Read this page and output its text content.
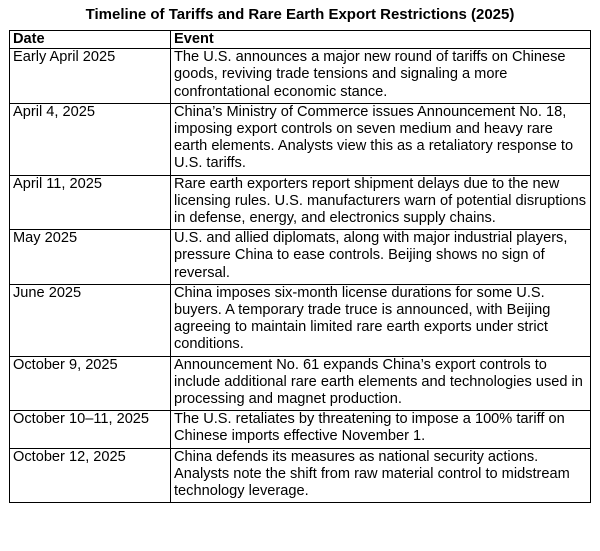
Timeline of Tariffs and Rare Earth Export Restrictions (2025)
Date	Event
Early April 2025	The U.S. announces a major new round of tariffs on Chinese goods, reviving trade tensions and signaling a more confrontational economic stance.
April 4, 2025	China’s Ministry of Commerce issues Announcement No. 18, imposing export controls on seven medium and heavy rare earth elements. Analysts view this as a retaliatory response to U.S. tariffs.
April 11, 2025	Rare earth exporters report shipment delays due to the new licensing rules. U.S. manufacturers warn of potential disruptions in defense, energy, and electronics supply chains.
May 2025	U.S. and allied diplomats, along with major industrial players, pressure China to ease controls. Beijing shows no sign of reversal.
June 2025	China imposes six-month license durations for some U.S. buyers. A temporary trade truce is announced, with Beijing agreeing to maintain limited rare earth exports under strict conditions.
October 9, 2025	Announcement No. 61 expands China’s export controls to include additional rare earth elements and technologies used in processing and magnet production.
October 10–11, 2025	The U.S. retaliates by threatening to impose a 100% tariff on Chinese imports effective November 1.
October 12, 2025	China defends its measures as national security actions. Analysts note the shift from raw material control to midstream technology leverage.
